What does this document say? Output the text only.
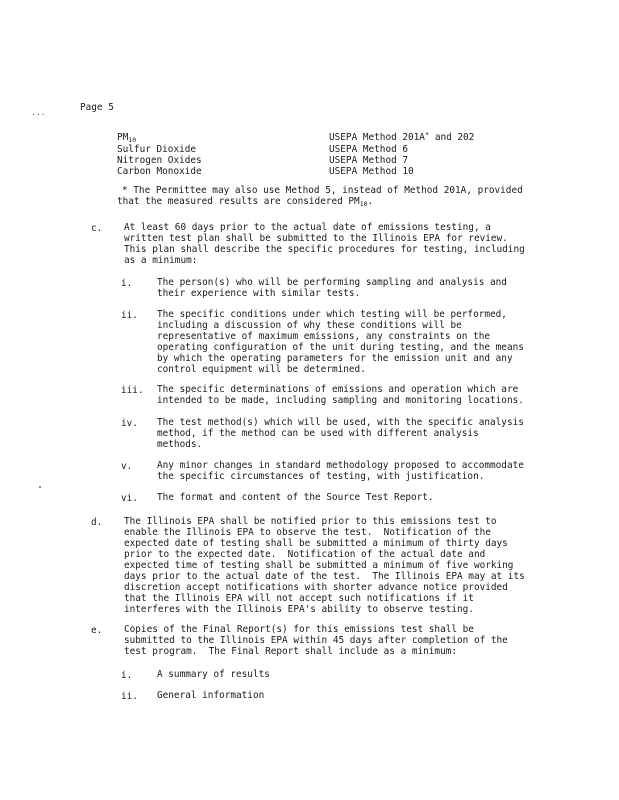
...	Page 5
$PM_{10}$	USEPA Method 201A* and 202
Sulfur Dioxide	USEPA Method 6
Nitrogen Oxides	USEPA Method 7
Carbon Monoxide	USEPA Method 10
* The Permittee may also use Method 5, instead of Method 201A, provided
that the measured results are considered $PM_{10}$.
c. At least 60 days prior to the actual date of emissions testing, a
written test plan shall be submitted to the Illinois EPA for review.
This plan shall describe the specific procedures for testing, including
as a minimum:
i.	The person(s) who will be performing sampling and analysis and
their experience with similar tests.
ii. The specific conditions under which testing will be performed,
including a discussion of why these conditions will be
representative of maximum emissions, any constraints on the
operating configuration of the unit during testing, and the means
by which the operating parameters for the emission unit and any
control equipment will be determined.
iii. The specific determinations of emissions and operation which are
intended to be made, including sampling and monitoring locations.
iv. The test method(s) which will be used, with the specific analysis
method, if the method can be used with different analysis
methods.
v.	Any minor changes in standard methodology proposed to accommodate
the specific circumstances of testing, with justification.
vi. The format and content of the Source Test Report.
d. The Illinois EPA shall be notified prior to this emissions test to
enable the Illinois EPA to observe the test.  Notification of the
expected date of testing shall be submitted a minimum of thirty days
prior to the expected date.  Notification of the actual date and
expected time of testing shall be submitted a minimum of five working
days prior to the actual date of the test.  The Illinois EPA may at its
discretion accept notifications with shorter advance notice provided
that the Illinois EPA will not accept such notifications if it
interferes with the Illinois EPA's ability to observe testing.
e. Copies of the Final Report(s) for this emissions test shall be
submitted to the Illinois EPA within 45 days after completion of the
test program.  The Final Report shall include as a minimum:
i.	A summary of results
ii. General information
